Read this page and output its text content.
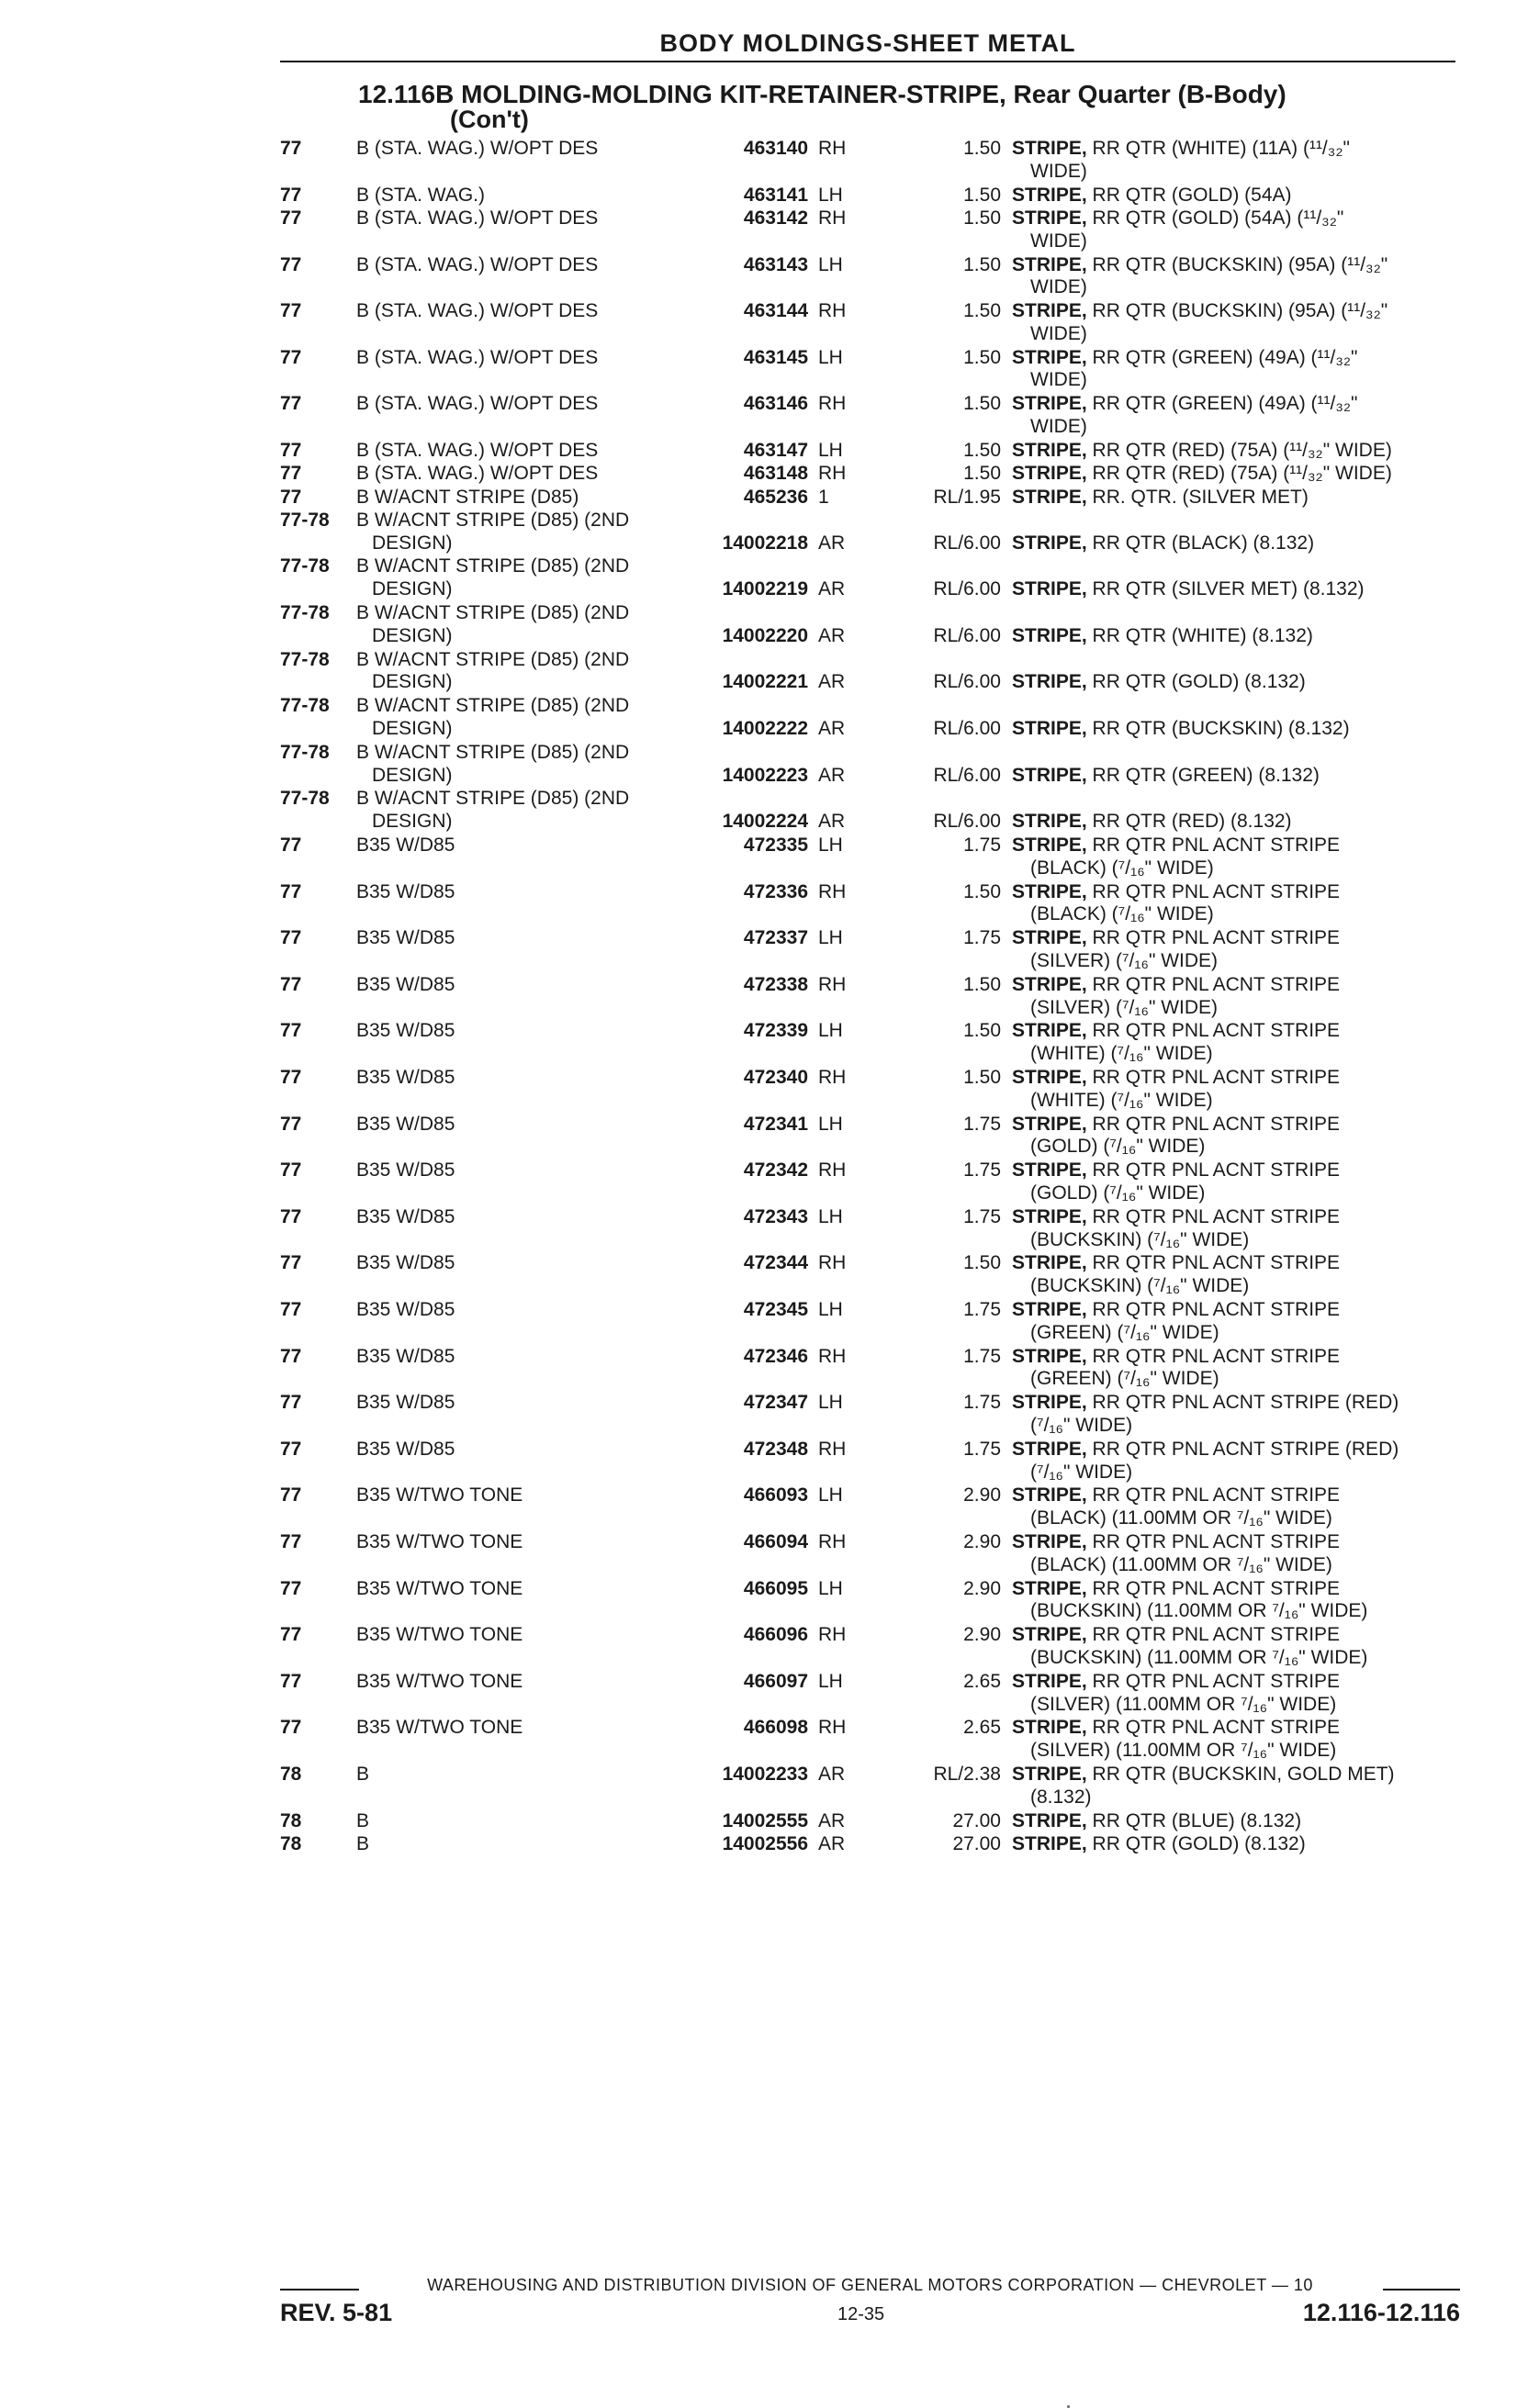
BODY MOLDINGS-SHEET METAL
12.116B MOLDING-MOLDING KIT-RETAINER-STRIPE, Rear Quarter (B-Body)
(Con't)
77	B (STA. WAG.) W/OPT DES	463140 RH	1.50 STRIPE, RR QTR (WHITE) (11A) (¹¹/₃₂"
WIDE)
77	B (STA. WAG.)	463141 LH	1.50 STRIPE, RR QTR (GOLD) (54A)
77	B (STA. WAG.) W/OPT DES	463142 RH	1.50 STRIPE, RR QTR (GOLD) (54A) (¹¹/₃₂"
WIDE)
77	B (STA. WAG.) W/OPT DES	463143 LH	1.50 STRIPE, RR QTR (BUCKSKIN) (95A) (¹¹/₃₂"
WIDE)
77	B (STA. WAG.) W/OPT DES	463144 RH	1.50 STRIPE, RR QTR (BUCKSKIN) (95A) (¹¹/₃₂"
WIDE)
77	B (STA. WAG.) W/OPT DES	463145 LH	1.50 STRIPE, RR QTR (GREEN) (49A) (¹¹/₃₂"
WIDE)
77	B (STA. WAG.) W/OPT DES	463146 RH	1.50 STRIPE, RR QTR (GREEN) (49A) (¹¹/₃₂"
WIDE)
77	B (STA. WAG.) W/OPT DES	463147 LH	1.50 STRIPE, RR QTR (RED) (75A) (¹¹/₃₂" WIDE)
77	B (STA. WAG.) W/OPT DES	463148 RH	1.50 STRIPE, RR QTR (RED) (75A) (¹¹/₃₂" WIDE)
77	B W/ACNT STRIPE (D85)	465236 1	RL/1.95 STRIPE, RR. QTR. (SILVER MET)
77-78	B W/ACNT STRIPE (D85) (2ND
DESIGN)	14002218 AR	RL/6.00 STRIPE, RR QTR (BLACK) (8.132)
77-78	B W/ACNT STRIPE (D85) (2ND
DESIGN)	14002219 AR	RL/6.00 STRIPE, RR QTR (SILVER MET) (8.132)
77-78	B W/ACNT STRIPE (D85) (2ND
DESIGN)	14002220 AR	RL/6.00 STRIPE, RR QTR (WHITE) (8.132)
77-78	B W/ACNT STRIPE (D85) (2ND
DESIGN)	14002221 AR	RL/6.00 STRIPE, RR QTR (GOLD) (8.132)
77-78	B W/ACNT STRIPE (D85) (2ND
DESIGN)	14002222 AR	RL/6.00 STRIPE, RR QTR (BUCKSKIN) (8.132)
77-78	B W/ACNT STRIPE (D85) (2ND
DESIGN)	14002223 AR	RL/6.00 STRIPE, RR QTR (GREEN) (8.132)
77-78	B W/ACNT STRIPE (D85) (2ND
DESIGN)	14002224 AR	RL/6.00 STRIPE, RR QTR (RED) (8.132)
77	B35 W/D85	472335 LH	1.75 STRIPE, RR QTR PNL ACNT STRIPE
(BLACK) (⁷/₁₆" WIDE)
77	B35 W/D85	472336 RH	1.50 STRIPE, RR QTR PNL ACNT STRIPE
(BLACK) (⁷/₁₆" WIDE)
77	B35 W/D85	472337 LH	1.75 STRIPE, RR QTR PNL ACNT STRIPE
(SILVER) (⁷/₁₆" WIDE)
77	B35 W/D85	472338 RH	1.50 STRIPE, RR QTR PNL ACNT STRIPE
(SILVER) (⁷/₁₆" WIDE)
77	B35 W/D85	472339 LH	1.50 STRIPE, RR QTR PNL ACNT STRIPE
(WHITE) (⁷/₁₆" WIDE)
77	B35 W/D85	472340 RH	1.50 STRIPE, RR QTR PNL ACNT STRIPE
(WHITE) (⁷/₁₆" WIDE)
77	B35 W/D85	472341 LH	1.75 STRIPE, RR QTR PNL ACNT STRIPE
(GOLD) (⁷/₁₆" WIDE)
77	B35 W/D85	472342 RH	1.75 STRIPE, RR QTR PNL ACNT STRIPE
(GOLD) (⁷/₁₆" WIDE)
77	B35 W/D85	472343 LH	1.75 STRIPE, RR QTR PNL ACNT STRIPE
(BUCKSKIN) (⁷/₁₆" WIDE)
77	B35 W/D85	472344 RH	1.50 STRIPE, RR QTR PNL ACNT STRIPE
(BUCKSKIN) (⁷/₁₆" WIDE)
77	B35 W/D85	472345 LH	1.75 STRIPE, RR QTR PNL ACNT STRIPE
(GREEN) (⁷/₁₆" WIDE)
77	B35 W/D85	472346 RH	1.75 STRIPE, RR QTR PNL ACNT STRIPE
(GREEN) (⁷/₁₆" WIDE)
77	B35 W/D85	472347 LH	1.75 STRIPE, RR QTR PNL ACNT STRIPE (RED)
(⁷/₁₆" WIDE)
77	B35 W/D85	472348 RH	1.75 STRIPE, RR QTR PNL ACNT STRIPE (RED)
(⁷/₁₆" WIDE)
77	B35 W/TWO TONE	466093 LH	2.90 STRIPE, RR QTR PNL ACNT STRIPE
(BLACK) (11.00MM OR ⁷/₁₆" WIDE)
77	B35 W/TWO TONE	466094 RH	2.90 STRIPE, RR QTR PNL ACNT STRIPE
(BLACK) (11.00MM OR ⁷/₁₆" WIDE)
77	B35 W/TWO TONE	466095 LH	2.90 STRIPE, RR QTR PNL ACNT STRIPE
(BUCKSKIN) (11.00MM OR ⁷/₁₆" WIDE)
77	B35 W/TWO TONE	466096 RH	2.90 STRIPE, RR QTR PNL ACNT STRIPE
(BUCKSKIN) (11.00MM OR ⁷/₁₆" WIDE)
77	B35 W/TWO TONE	466097 LH	2.65 STRIPE, RR QTR PNL ACNT STRIPE
(SILVER) (11.00MM OR ⁷/₁₆" WIDE)
77	B35 W/TWO TONE	466098 RH	2.65 STRIPE, RR QTR PNL ACNT STRIPE
(SILVER) (11.00MM OR ⁷/₁₆" WIDE)
78	B	14002233 AR	RL/2.38 STRIPE, RR QTR (BUCKSKIN, GOLD MET)
(8.132)
78	B	14002555 AR	27.00 STRIPE, RR QTR (BLUE) (8.132)
78	B	14002556 AR	27.00 STRIPE, RR QTR (GOLD) (8.132)
WAREHOUSING AND DISTRIBUTION DIVISION OF GENERAL MOTORS CORPORATION — CHEVROLET — 10
REV. 5-81	12-35	12.116-12.116
